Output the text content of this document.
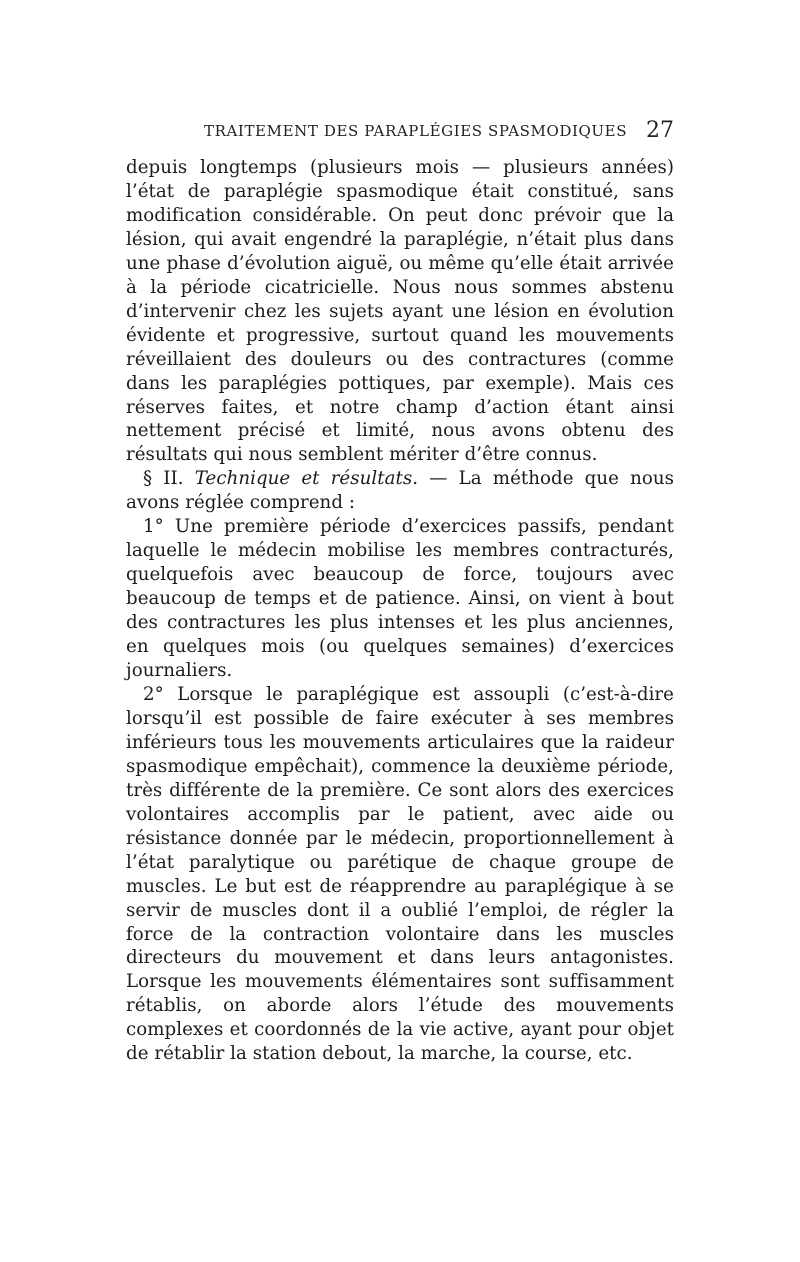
TRAITEMENT DES PARAPLÉGIES SPASMODIQUES 27

depuis longtemps (plusieurs mois — plusieurs années) l’état de paraplégie spasmodique était constitué, sans modification considérable. On peut donc prévoir que la lésion, qui avait engendré la paraplégie, n’était plus dans une phase d’évolution aiguë, ou même qu’elle était arrivée à la période cicatricielle. Nous nous sommes abstenu d’intervenir chez les sujets ayant une lésion en évolution évidente et progressive, surtout quand les mouvements réveillaient des douleurs ou des contractures (comme dans les paraplégies pottiques, par exemple). Mais ces réserves faites, et notre champ d’action étant ainsi nettement précisé et limité, nous avons obtenu des résultats qui nous semblent mériter d’être connus.

§ II. Technique et résultats. — La méthode que nous avons réglée comprend :

1° Une première période d’exercices passifs, pendant laquelle le médecin mobilise les membres contracturés, quelquefois avec beaucoup de force, toujours avec beaucoup de temps et de patience. Ainsi, on vient à bout des contractures les plus intenses et les plus anciennes, en quelques mois (ou quelques semaines) d’exercices journaliers.

2° Lorsque le paraplégique est assoupli (c’est-à-dire lorsqu’il est possible de faire exécuter à ses membres inférieurs tous les mouvements articulaires que la raideur spasmodique empêchait), commence la deuxième période, très différente de la première. Ce sont alors des exercices volontaires accomplis par le patient, avec aide ou résistance donnée par le médecin, proportionnellement à l’état paralytique ou parétique de chaque groupe de muscles. Le but est de réapprendre au paraplégique à se servir de muscles dont il a oublié l’emploi, de régler la force de la contraction volontaire dans les muscles directeurs du mouvement et dans leurs antagonistes. Lorsque les mouvements élémentaires sont suffisamment rétablis, on aborde alors l’étude des mouvements complexes et coordonnés de la vie active, ayant pour objet de rétablir la station debout, la marche, la course, etc.
